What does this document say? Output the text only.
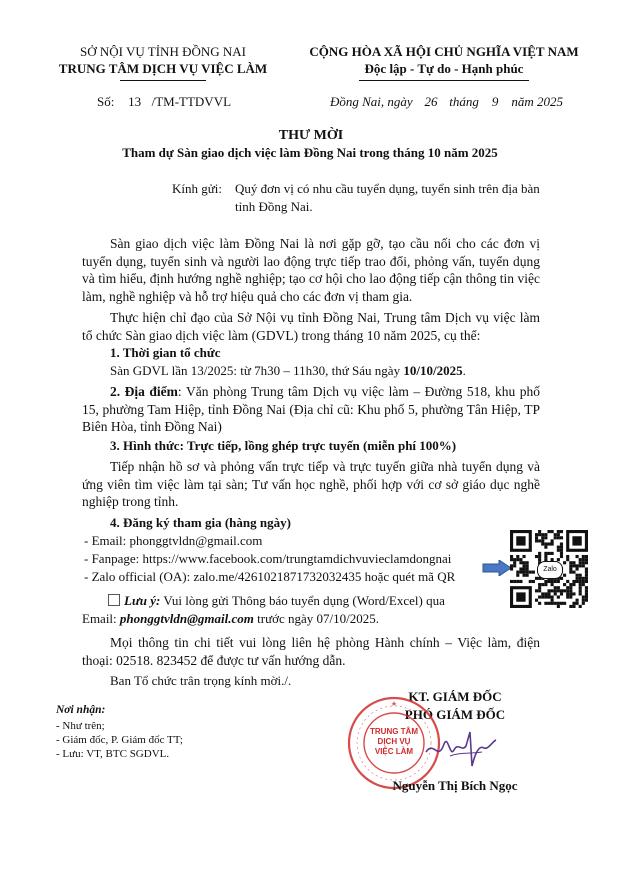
SỞ NỘI VỤ TỈNH ĐỒNG NAI
TRUNG TÂM DỊCH VỤ VIỆC LÀM
CỘNG HÒA XÃ HỘI CHỦ NGHĨA VIỆT NAM
Độc lập - Tự do - Hạnh phúc
Số: 13 /TM-TTDVVL	Đồng Nai, ngày 26 tháng 9 năm 2025
THƯ MỜI
Tham dự Sàn giao dịch việc làm Đồng Nai trong tháng 10 năm 2025
Kính gửi: Quý đơn vị có nhu cầu tuyển dụng, tuyển sinh trên địa bàn
tỉnh Đồng Nai.
Sàn giao dịch việc làm Đồng Nai là nơi gặp gỡ, tạo cầu nối cho các đơn vị tuyển dụng, tuyển sinh và người lao động trực tiếp trao đổi, phỏng vấn, tuyển dụng và tìm hiểu, định hướng nghề nghiệp; tạo cơ hội cho lao động tiếp cận thông tin việc làm, nghề nghiệp và hỗ trợ hiệu quả cho các đơn vị tham gia.
Thực hiện chỉ đạo của Sở Nội vụ tỉnh Đồng Nai, Trung tâm Dịch vụ việc làm tổ chức Sàn giao dịch việc làm (GDVL) trong tháng 10 năm 2025, cụ thể:
1. Thời gian tổ chức
Sàn GDVL lần 13/2025: từ 7h30 – 11h30, thứ Sáu ngày 10/10/2025.
2. Địa điểm: Văn phòng Trung tâm Dịch vụ việc làm – Đường 518, khu phố 15, phường Tam Hiệp, tỉnh Đồng Nai (Địa chỉ cũ: Khu phố 5, phường Tân Hiệp, TP Biên Hòa, tỉnh Đồng Nai)
3. Hình thức: Trực tiếp, lồng ghép trực tuyến (miễn phí 100%)
Tiếp nhận hồ sơ và phỏng vấn trực tiếp và trực tuyến giữa nhà tuyển dụng và ứng viên tìm việc làm tại sàn; Tư vấn học nghề, phối hợp với cơ sở giáo dục nghề nghiệp trong tỉnh.
4. Đăng ký tham gia (hàng ngày)
- Email: phonggtvldn@gmail.com
- Fanpage: https://www.facebook.com/trungtamdichvuvieclamdongnai
- Zalo official (OA): zalo.me/4261021871732032435 hoặc quét mã QR	Zalo
Lưu ý: Vui lòng gửi Thông báo tuyển dụng (Word/Excel) qua
Email: phonggtvldn@gmail.com trước ngày 07/10/2025.
Mọi thông tin chi tiết vui lòng liên hệ phòng Hành chính – Việc làm, điện thoại: 02518. 823452 để được tư vấn hướng dẫn.
Ban Tổ chức trân trọng kính mời./.
Nơi nhận:
- Như trên;
- Giám đốc, P. Giám đốc TT;
- Lưu: VT, BTC SGDVL.
KT. GIÁM ĐỐC
PHÓ GIÁM ĐỐC
TRUNG TÂM
DỊCH VỤ
VIỆC LÀM
Nguyễn Thị Bích Ngọc
